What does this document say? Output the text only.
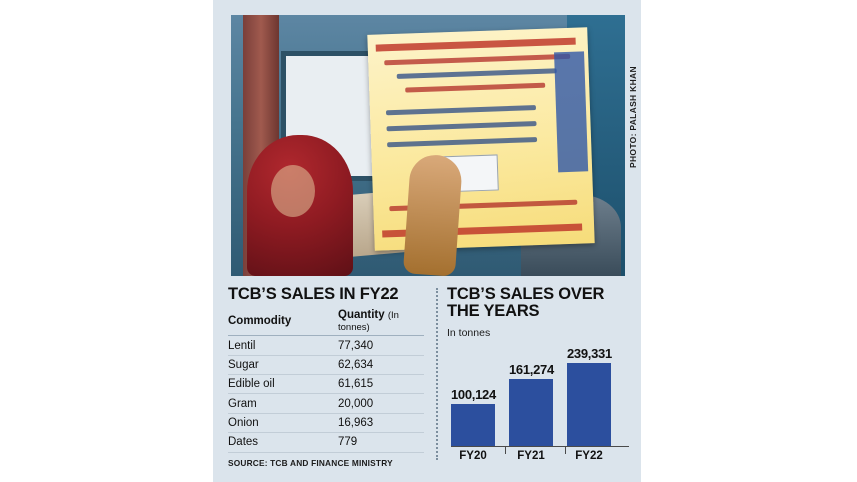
PHOTO: PALASH KHAN
TCB’S SALES IN FY22
Commodity	Quantity (In tonnes)
Lentil	77,340
Sugar	62,634
Edible oil	61,615
Gram	20,000
Onion	16,963
Dates	779
SOURCE: TCB AND FINANCE MINISTRY
TCB’S SALES OVER THE YEARS
In tonnes
100,124
161,274
239,331
FY20	FY21	FY22
